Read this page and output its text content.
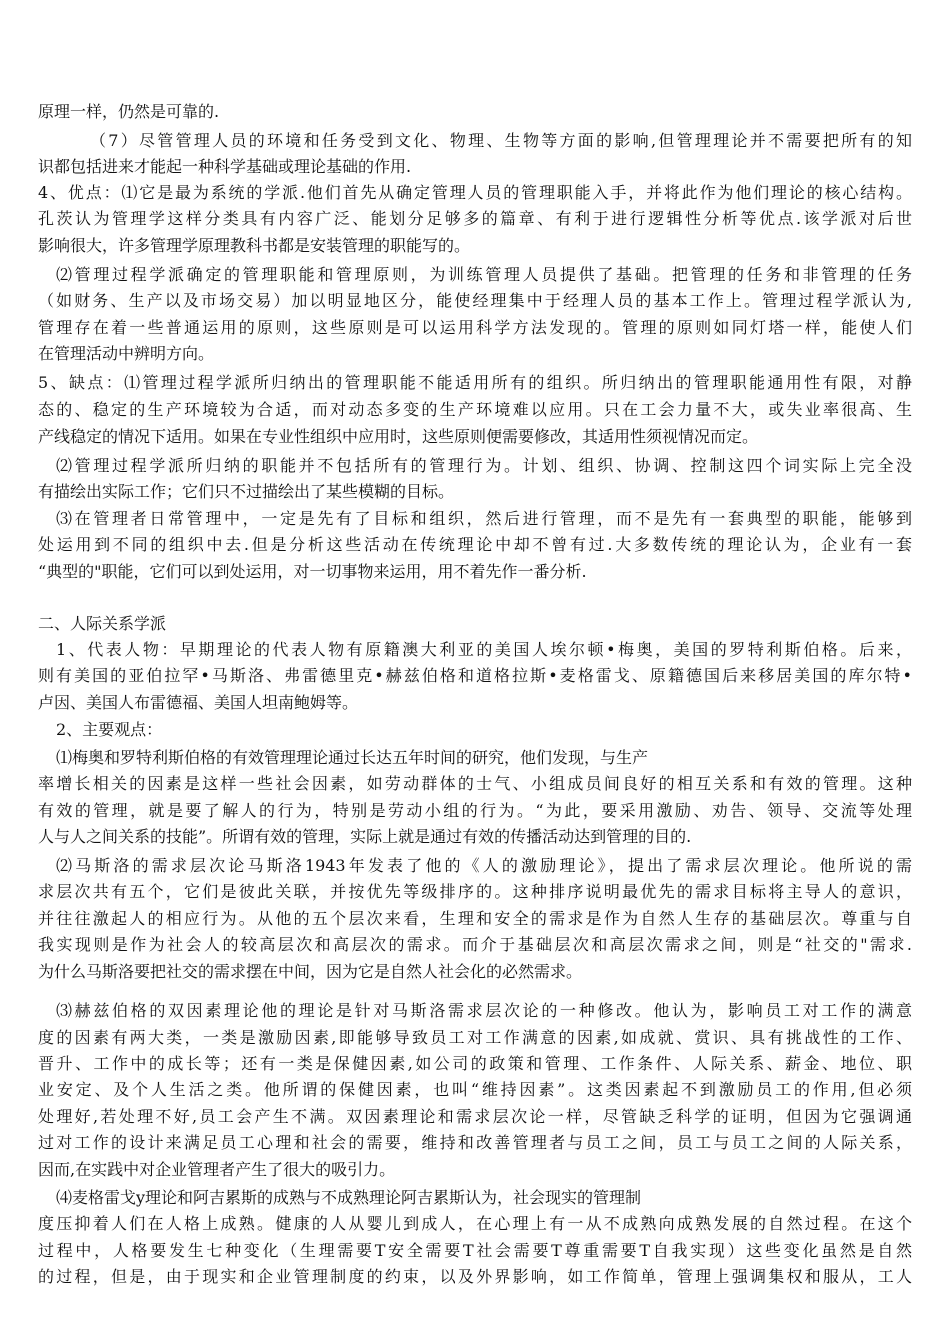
原理一样，仍然是可靠的.
（7）尽管管理人员的环境和任务受到文化、物理、生物等方面的影响,但管理理论并不需要把所有的知
识都包括进来才能起一种科学基础或理论基础的作用.
4、优点：⑴它是最为系统的学派.他们首先从确定管理人员的管理职能入手，并将此作为他们理论的核心结构。
孔茨认为管理学这样分类具有内容广泛、能划分足够多的篇章、有利于进行逻辑性分析等优点.该学派对后世
影响很大，许多管理学原理教科书都是安装管理的职能写的。
⑵管理过程学派确定的管理职能和管理原则，为训练管理人员提供了基础。把管理的任务和非管理的任务
（如财务、生产以及市场交易）加以明显地区分，能使经理集中于经理人员的基本工作上。管理过程学派认为,
管理存在着一些普通运用的原则，这些原则是可以运用科学方法发现的。管理的原则如同灯塔一样，能使人们
在管理活动中辨明方向。
5、缺点：⑴管理过程学派所归纳出的管理职能不能适用所有的组织。所归纳出的管理职能通用性有限，对静
态的、稳定的生产环境较为合适，而对动态多变的生产环境难以应用。只在工会力量不大，或失业率很高、生
产线稳定的情况下适用。如果在专业性组织中应用时，这些原则便需要修改，其适用性须视情况而定。
⑵管理过程学派所归纳的职能并不包括所有的管理行为。计划、组织、协调、控制这四个词实际上完全没
有描绘出实际工作；它们只不过描绘出了某些模糊的目标。
⑶在管理者日常管理中，一定是先有了目标和组织，然后进行管理，而不是先有一套典型的职能，能够到
处运用到不同的组织中去.但是分析这些活动在传统理论中却不曾有过.大多数传统的理论认为，企业有一套
“典型的"职能，它们可以到处运用，对一切事物来运用，用不着先作一番分析.
二、人际关系学派
1、代表人物：早期理论的代表人物有原籍澳大利亚的美国人埃尔顿•梅奥，美国的罗特利斯伯格。后来，
则有美国的亚伯拉罕•马斯洛、弗雷德里克•赫兹伯格和道格拉斯•麦格雷戈、原籍德国后来移居美国的库尔特•
卢因、美国人布雷德福、美国人坦南鲍姆等。
2、主要观点：
⑴梅奥和罗特利斯伯格的有效管理理论通过长达五年时间的研究，他们发现，与生产
率增长相关的因素是这样一些社会因素，如劳动群体的士气、小组成员间良好的相互关系和有效的管理。这种
有效的管理，就是要了解人的行为，特别是劳动小组的行为。“为此，要采用激励、劝告、领导、交流等处理
人与人之间关系的技能”。所谓有效的管理，实际上就是通过有效的传播活动达到管理的目的.
⑵马斯洛的需求层次论马斯洛1943年发表了他的《人的激励理论》，提出了需求层次理论。他所说的需
求层次共有五个，它们是彼此关联，并按优先等级排序的。这种排序说明最优先的需求目标将主导人的意识，
并往往激起人的相应行为。从他的五个层次来看，生理和安全的需求是作为自然人生存的基础层次。尊重与自
我实现则是作为社会人的较高层次和高层次的需求。而介于基础层次和高层次需求之间，则是“社交的"需求.
为什么马斯洛要把社交的需求摆在中间，因为它是自然人社会化的必然需求。
⑶赫兹伯格的双因素理论他的理论是针对马斯洛需求层次论的一种修改。他认为，影响员工对工作的满意
度的因素有两大类，一类是激励因素,即能够导致员工对工作满意的因素,如成就、赏识、具有挑战性的工作、
晋升、工作中的成长等；还有一类是保健因素,如公司的政策和管理、工作条件、人际关系、薪金、地位、职
业安定、及个人生活之类。他所谓的保健因素，也叫“维持因素”。这类因素起不到激励员工的作用,但必须
处理好,若处理不好,员工会产生不满。双因素理论和需求层次论一样，尽管缺乏科学的证明，但因为它强调通
过对工作的设计来满足员工心理和社会的需要，维持和改善管理者与员工之间，员工与员工之间的人际关系，
因而,在实践中对企业管理者产生了很大的吸引力。
⑷麦格雷戈y理论和阿吉累斯的成熟与不成熟理论阿吉累斯认为，社会现实的管理制
度压抑着人们在人格上成熟。健康的人从婴儿到成人，在心理上有一从不成熟向成熟发展的自然过程。在这个
过程中，人格要发生七种变化（生理需要T安全需要T社会需要T尊重需要T自我实现）这些变化虽然是自然
的过程，但是，由于现实和企业管理制度的约束，以及外界影响，如工作简单，管理上强调集权和服从，工人
